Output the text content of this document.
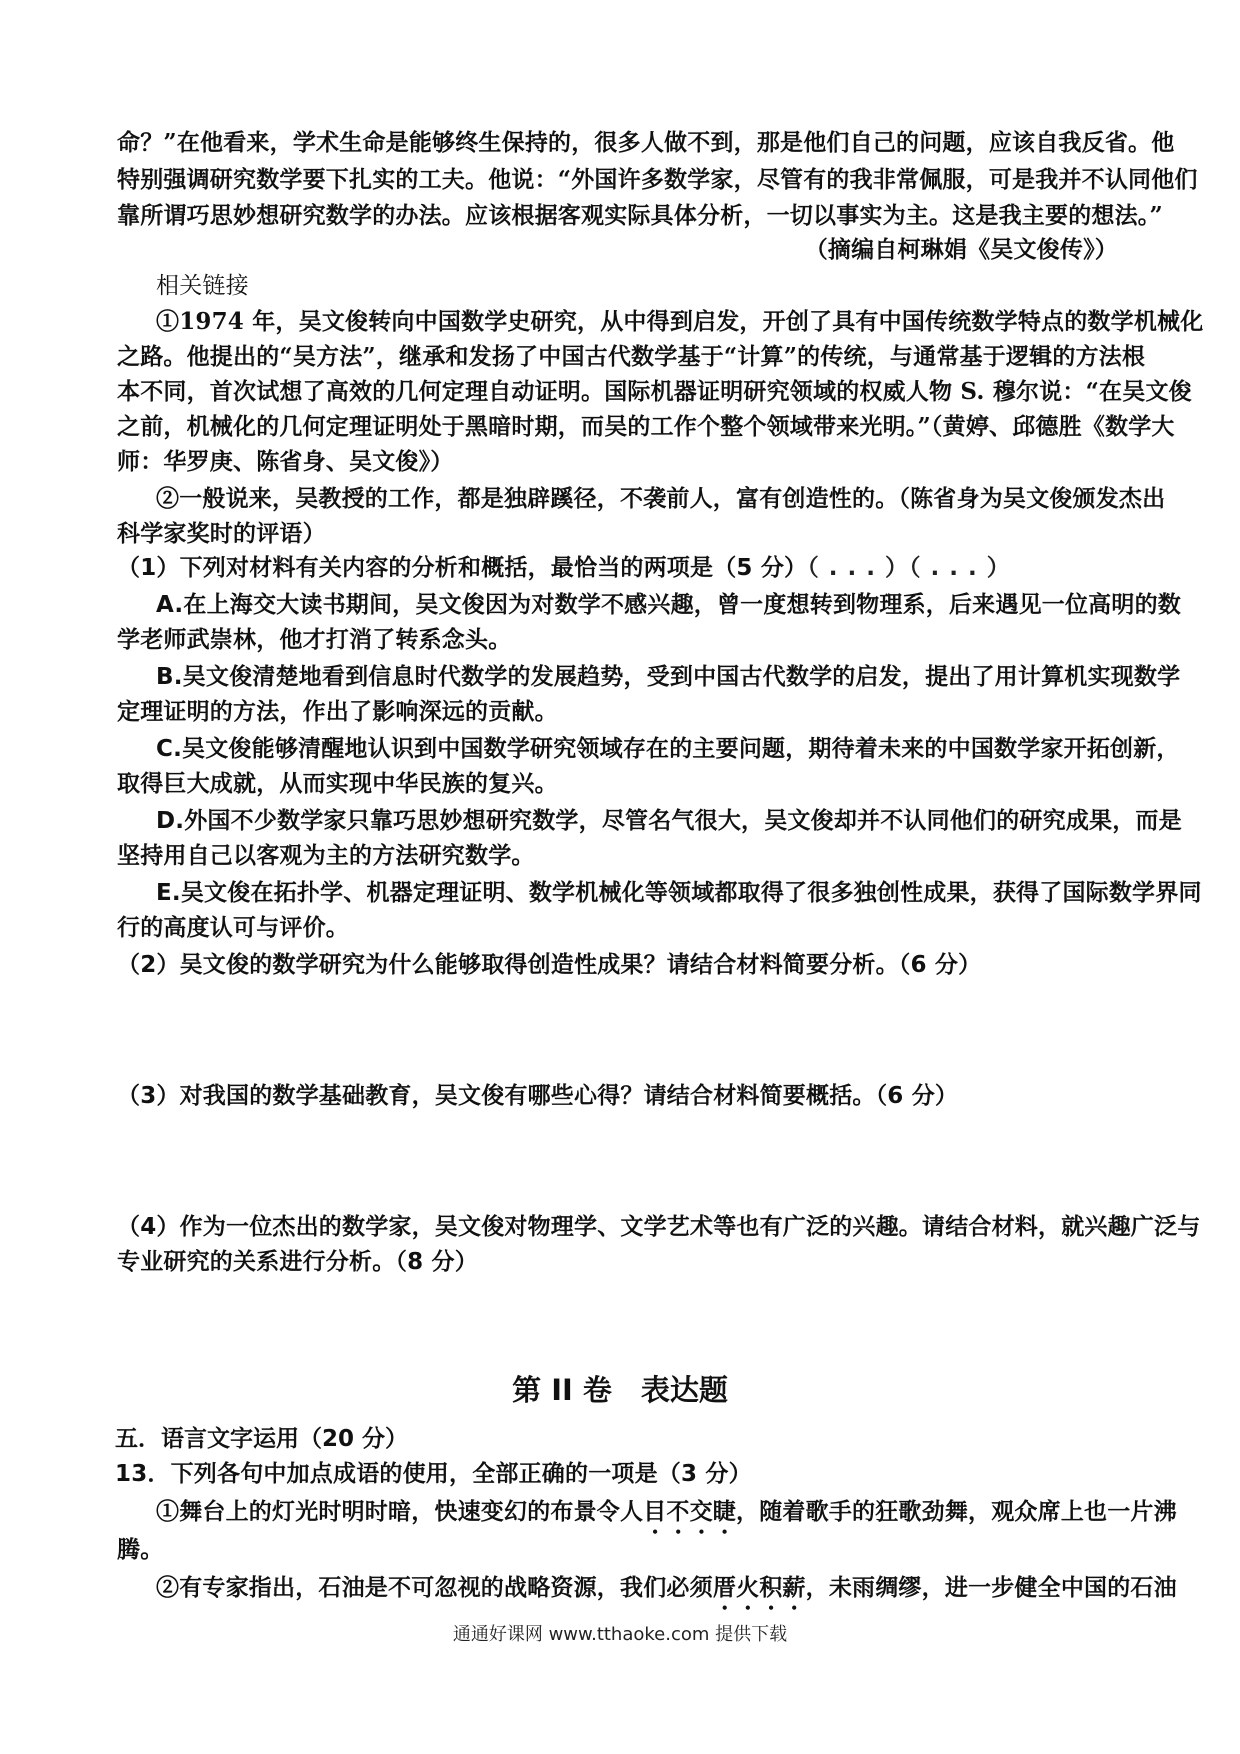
命？”在他看来，学术生命是能够终生保持的，很多人做不到，那是他们自己的问题，应该自我反省。他
特别强调研究数学要下扎实的工夫。他说：“外国许多数学家，尽管有的我非常佩服，可是我并不认同他们
靠所谓巧思妙想研究数学的办法。应该根据客观实际具体分析，一切以事实为主。这是我主要的想法。”
（摘编自柯琳娟《吴文俊传》）
相关链接
①1974 年，吴文俊转向中国数学史研究，从中得到启发，开创了具有中国传统数学特点的数学机械化
之路。他提出的“吴方法”，继承和发扬了中国古代数学基于“计算”的传统，与通常基于逻辑的方法根
本不同，首次试想了高效的几何定理自动证明。国际机器证明研究领域的权威人物 S. 穆尔说：“在吴文俊
之前，机械化的几何定理证明处于黑暗时期，而吴的工作个整个领域带来光明。”（黄婷、邱德胜《数学大
师：华罗庚、陈省身、吴文俊》）
②一般说来，吴教授的工作，都是独辟蹊径，不袭前人，富有创造性的。（陈省身为吴文俊颁发杰出
科学家奖时的评语）
（1）下列对材料有关内容的分析和概括，最恰当的两项是（5 分）（ . . . ）（ . . . ）
A.在上海交大读书期间，吴文俊因为对数学不感兴趣，曾一度想转到物理系，后来遇见一位高明的数
学老师武崇林，他才打消了转系念头。
B.吴文俊清楚地看到信息时代数学的发展趋势，受到中国古代数学的启发，提出了用计算机实现数学
定理证明的方法，作出了影响深远的贡献。
C.吴文俊能够清醒地认识到中国数学研究领域存在的主要问题，期待着未来的中国数学家开拓创新，
取得巨大成就，从而实现中华民族的复兴。
D.外国不少数学家只靠巧思妙想研究数学，尽管名气很大，吴文俊却并不认同他们的研究成果，而是
坚持用自己以客观为主的方法研究数学。
E.吴文俊在拓扑学、机器定理证明、数学机械化等领域都取得了很多独创性成果，获得了国际数学界同
行的高度认可与评价。
（2）吴文俊的数学研究为什么能够取得创造性成果？请结合材料简要分析。（6 分）
（3）对我国的数学基础教育，吴文俊有哪些心得？请结合材料简要概括。（6 分）
（4）作为一位杰出的数学家，吴文俊对物理学、文学艺术等也有广泛的兴趣。请结合材料，就兴趣广泛与
专业研究的关系进行分析。（8 分）
第 II 卷　表达题
五．语言文字运用（20 分）
13．下列各句中加点成语的使用，全部正确的一项是（3 分）
①舞台上的灯光时明时暗，快速变幻的布景令人目不交睫，随着歌手的狂歌劲舞，观众席上也一片沸
腾。
②有专家指出，石油是不可忽视的战略资源，我们必须厝火积薪，未雨绸缪，进一步健全中国的石油
通通好课网 www.tthaoke.com 提供下载
